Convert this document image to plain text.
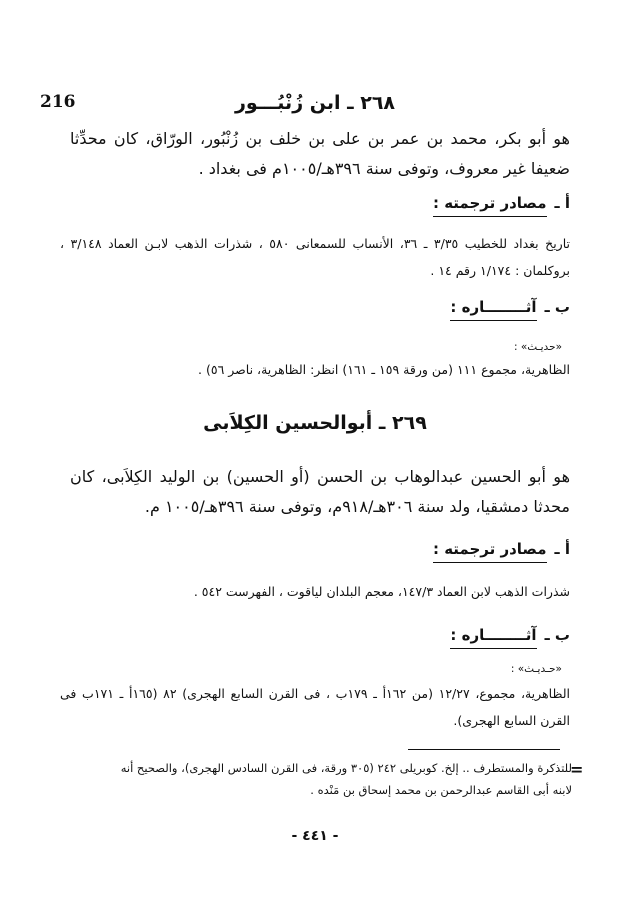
216	٢٦٨ ـ ابن زُنْبُـــور
هو أبو بكر، محمد بن عمر بن على بن خلف بن زُنْبُور، الورّاق، كان محدِّثا ضعيفا غير معروف، وتوفى سنة ٣٩٦هـ/١٠٠٥م فى بغداد .
أ ـ
مصادر ترجمته :
تاريخ بغداد للخطيب ٣/٣٥ ـ ٣٦، الأنساب للسمعانى ٥٨٠ ، شذرات الذهب لابـن العماد ٣/١٤٨ ، بروكلمان : ١/١٧٤ رقم ١٤ .
ب ـ
آثــــــــاره :
«حديـث» :
الظاهرية، مجموع ١١١ (من ورقة ١٥٩ ـ ١٦١) انظر: الظاهرية، ناصر ٥٦) .
٢٦٩ ـ أبوالحسين الكِلاَبى
هو أبو الحسين عبدالوهاب بن الحسن (أو الحسين) بن الوليد الكِلاَبى، كان محدثا دمشقيا، ولد سنة ٣٠٦هـ/٩١٨م، وتوفى سنة ٣٩٦هـ/١٠٠٥ م.
أ ـ
مصادر ترجمته :
شذرات الذهب لابن العماد ١٤٧/٣، معجم البلدان لياقوت ، الفهرست ٥٤٢ .
ب ـ
آثــــــــاره :
«حـديـث» :
الظاهرية، مجموع، ١٢/٢٧ (من ١٦٢أ ـ ١٧٩ب ، فى القرن السابع الهجرى) ٨٢ (١٦٥أ ـ ١٧١ب فى القرن السابع الهجرى).
=
للتذكرة والمستطرف .. إلخ. كوبريلى ٢٤٢ (٣٠٥ ورقة، فى القرن السادس الهجرى)، والصحيح أنه لابنه أبى القاسم عبدالرحمن بن محمد إسحاق بن مَنْده .
- ٤٤١ -
